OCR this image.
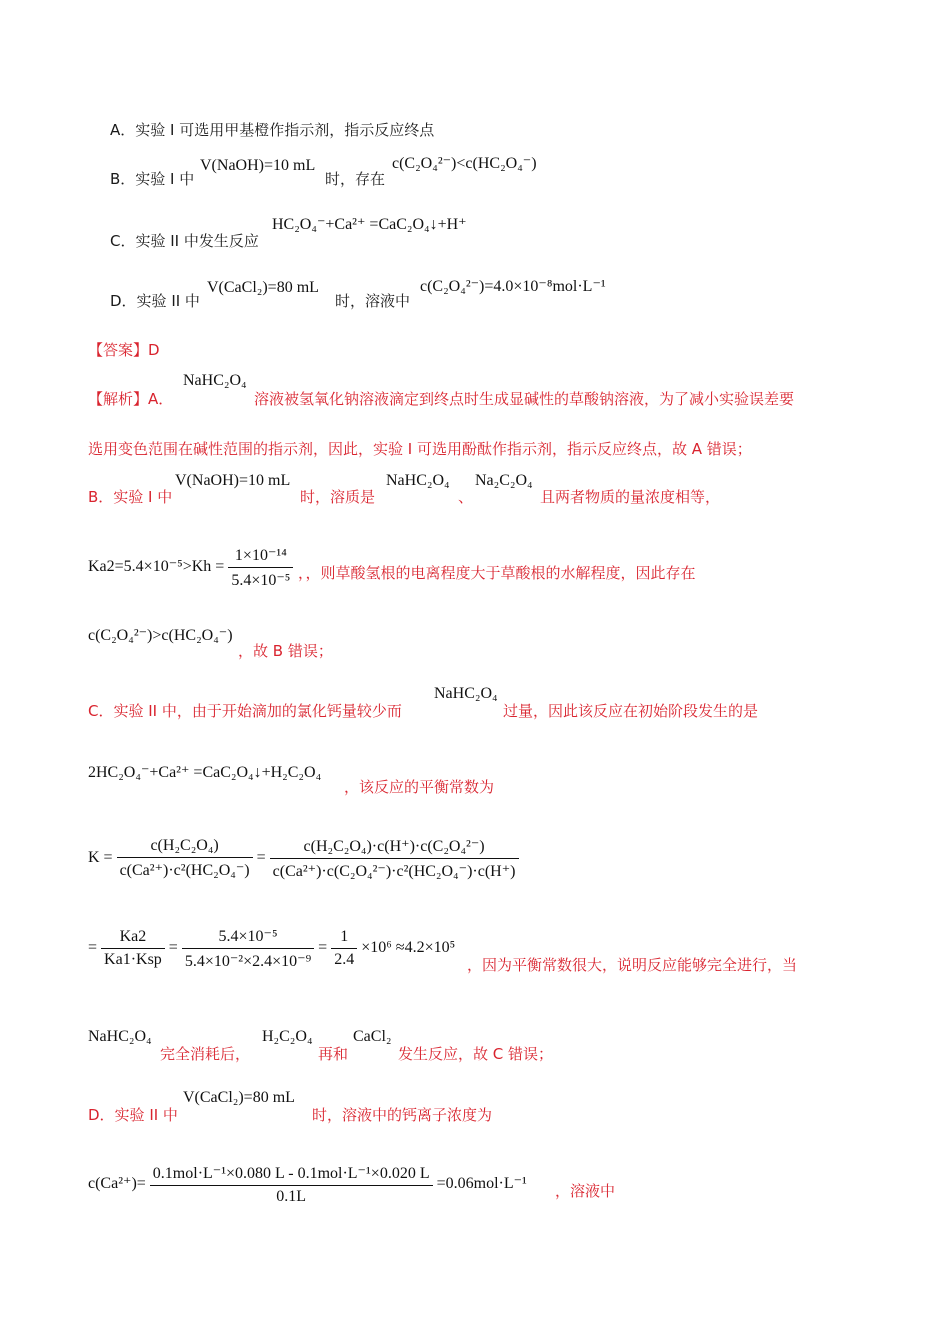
A．实验 I 可选用甲基橙作指示剂，指示反应终点
B．实验 I 中
V(NaOH)=10 mL
时，存在
c(C₂O₄²⁻)<c(HC₂O₄⁻)
C．实验 II 中发生反应
HC₂O₄⁻+Ca²⁺ =CaC₂O₄↓+H⁺
D．实验 II 中
V(CaCl₂)=80 mL
时，溶液中
c(C₂O₄²⁻)=4.0×10⁻⁸mol·L⁻¹
【答案】D
【解析】A．
NaHC₂O₄
溶液被氢氧化钠溶液滴定到终点时生成显碱性的草酸钠溶液，为了减小实验误差要
选用变色范围在碱性范围的指示剂，因此，实验 I 可选用酚酞作指示剂，指示反应终点，故 A 错误；
B．实验 I 中
V(NaOH)=10 mL
时，溶质是
NaHC₂O₄
、
Na₂C₂O₄
且两者物质的量浓度相等，
$Ka2=5.4\times 10^{-5}>Kh = \frac{\text{1×10⁻¹⁴}}{\text{5.4×10⁻⁵}}$ ，，则草酸氢根的电离程度大于草酸根的水解程度，因此存在
c(C₂O₄²⁻)>c(HC₂O₄⁻)
，故 B 错误；
C．实验 II 中，由于开始滴加的氯化钙量较少而
NaHC₂O₄
过量，因此该反应在初始阶段发生的是
2HC₂O₄⁻+Ca²⁺ =CaC₂O₄↓+H₂C₂O₄
，该反应的平衡常数为
$K = \frac{\text{c(H₂C₂O₄)}}{\text{c(Ca²⁺)·c²(HC₂O₄⁻)}} = \frac{\text{c(H₂C₂O₄)·c(H⁺)·c(C₂O₄²⁻)}}{\text{c(Ca²⁺)·c(C₂O₄²⁻)·c²(HC₂O₄⁻)·c(H⁺)}}$
= $\frac{Ka2}{\text{Ka1·Ksp}} = \frac{\text{5.4×10⁻⁵}}{\text{5.4×10⁻²×2.4×10⁻⁹}} = \frac{1}{2.4} \times 10^6 \approx 4.2\times 10^5$
，因为平衡常数很大，说明反应能够完全进行，当
NaHC₂O₄
完全消耗后，
H₂C₂O₄
再和
CaCl₂
发生反应，故 C 错误；
D．实验 II 中
V(CaCl₂)=80 mL
时，溶液中的钙离子浓度为
$c(Ca^{2+})= \frac{\text{0.1mol·L⁻¹×0.080 L - 0.1mol·L⁻¹×0.020 L}}{0.1L} =0.06mol\cdot L^{-1}$ ，溶液中
